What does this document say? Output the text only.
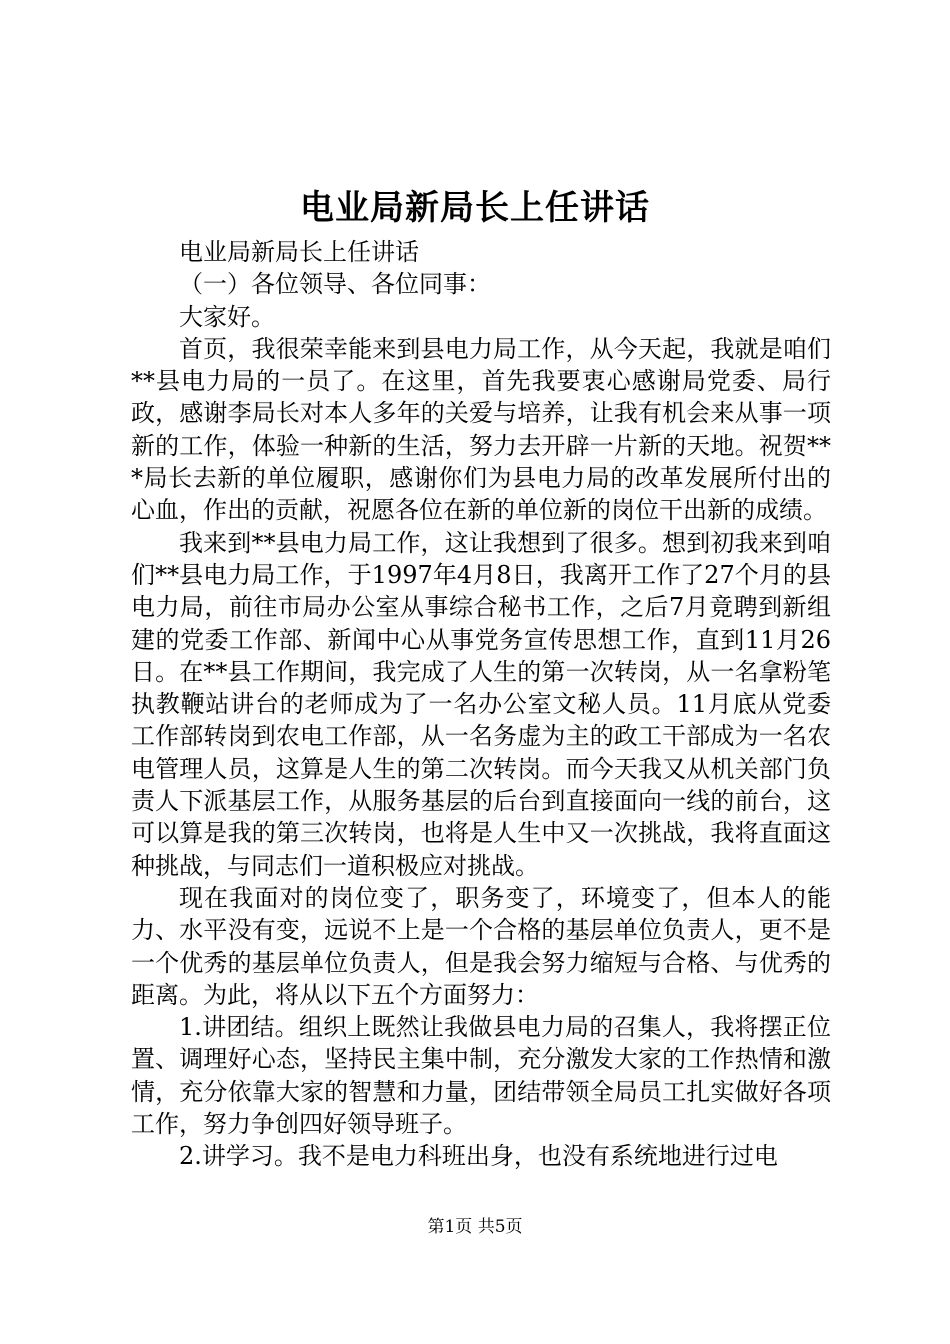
电业局新局长上任讲话

电业局新局长上任讲话

（一）各位领导、各位同事：

大家好。

首页，我很荣幸能来到县电力局工作，从今天起，我就是咱们**县电力局的一员了。在这里，首先我要衷心感谢局党委、局行政，感谢李局长对本人多年的关爱与培养，让我有机会来从事一项新的工作，体验一种新的生活，努力去开辟一片新的天地。祝贺***局长去新的单位履职，感谢你们为县电力局的改革发展所付出的心血，作出的贡献，祝愿各位在新的单位新的岗位干出新的成绩。

我来到**县电力局工作，这让我想到了很多。想到初我来到咱们**县电力局工作，于1997年4月8日，我离开工作了27个月的县电力局，前往市局办公室从事综合秘书工作，之后7月竟聘到新组建的党委工作部、新闻中心从事党务宣传思想工作，直到11月26日。在**县工作期间，我完成了人生的第一次转岗，从一名拿粉笔执教鞭站讲台的老师成为了一名办公室文秘人员。11月底从党委工作部转岗到农电工作部，从一名务虚为主的政工干部成为一名农电管理人员，这算是人生的第二次转岗。而今天我又从机关部门负责人下派基层工作，从服务基层的后台到直接面向一线的前台，这可以算是我的第三次转岗，也将是人生中又一次挑战，我将直面这种挑战，与同志们一道积极应对挑战。

现在我面对的岗位变了，职务变了，环境变了，但本人的能力、水平没有变，远说不上是一个合格的基层单位负责人，更不是一个优秀的基层单位负责人，但是我会努力缩短与合格、与优秀的距离。为此，将从以下五个方面努力：

1.讲团结。组织上既然让我做县电力局的召集人，我将摆正位置、调理好心态，坚持民主集中制，充分激发大家的工作热情和激情，充分依靠大家的智慧和力量，团结带领全局员工扎实做好各项工作，努力争创四好领导班子。

2.讲学习。我不是电力科班出身，也没有系统地进行过电

第1页 共5页
